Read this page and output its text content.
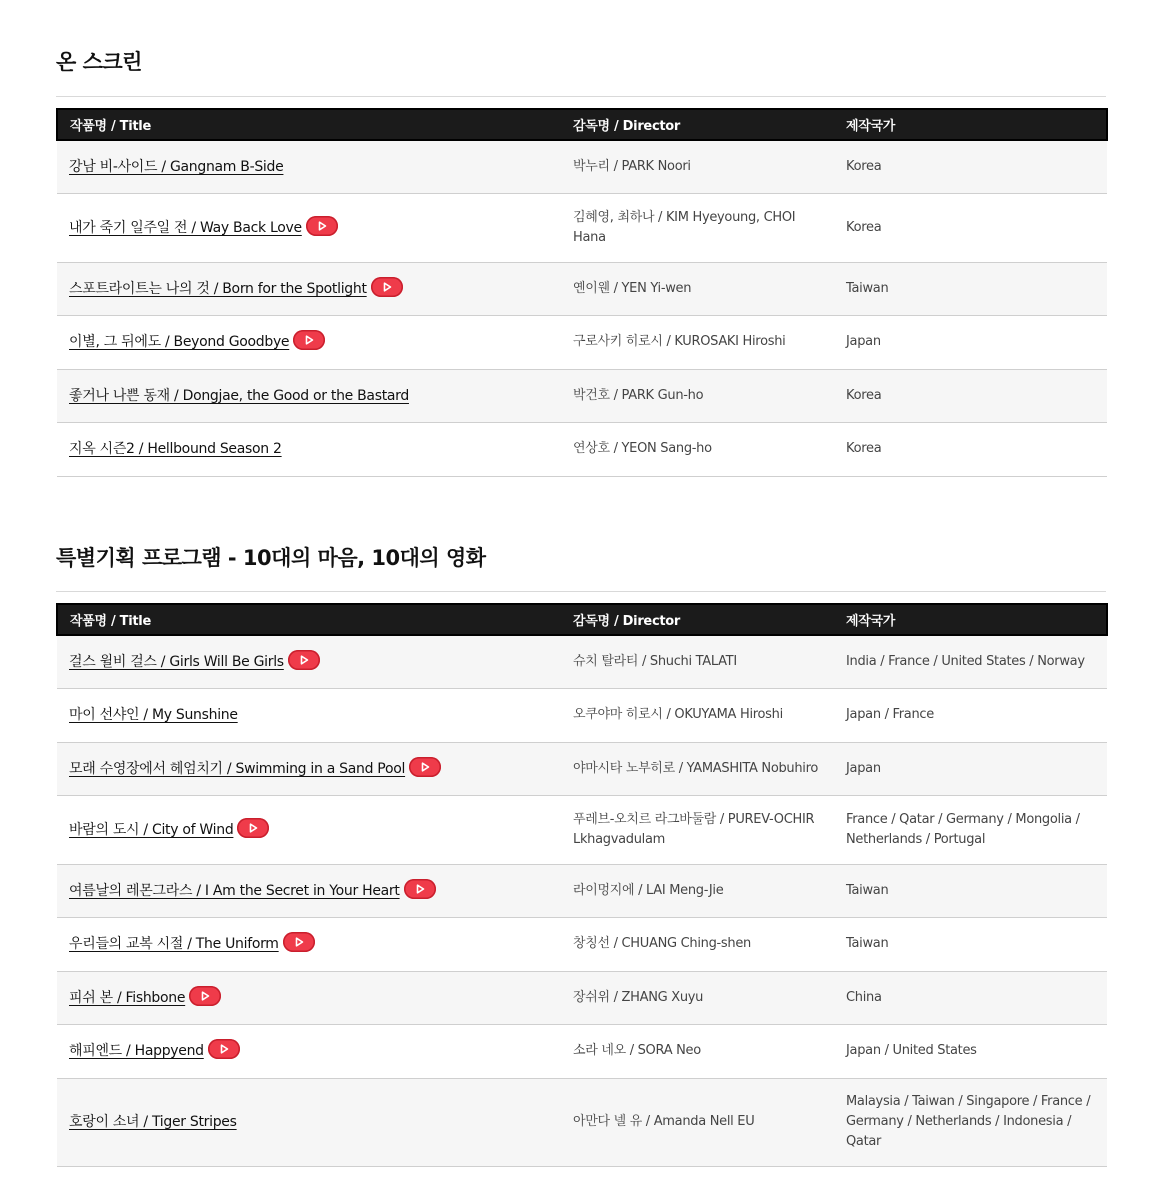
온 스크린
작품명 / Title	감독명 / Director	제작국가
강남 비-사이드 / Gangnam B-Side	박누리 / PARK Noori	Korea
내가 죽기 일주일 전 / Way Back Love	김혜영, 최하나 / KIM Hyeyoung, CHOI Hana	Korea
스포트라이트는 나의 것 / Born for the Spotlight	옌이웬 / YEN Yi-wen	Taiwan
이별, 그 뒤에도 / Beyond Goodbye	구로사키 히로시 / KUROSAKI Hiroshi	Japan
좋거나 나쁜 동재 / Dongjae, the Good or the Bastard	박건호 / PARK Gun-ho	Korea
지옥 시즌2 / Hellbound Season 2	연상호 / YEON Sang-ho	Korea
특별기획 프로그램 - 10대의 마음, 10대의 영화
작품명 / Title	감독명 / Director	제작국가
걸스 윌비 걸스 / Girls Will Be Girls	슈치 탈라티 / Shuchi TALATI	India / France / United States / Norway
마이 선샤인 / My Sunshine	오쿠야마 히로시 / OKUYAMA Hiroshi	Japan / France
모래 수영장에서 헤엄치기 / Swimming in a Sand Pool	야마시타 노부히로 / YAMASHITA Nobuhiro	Japan
바람의 도시 / City of Wind	푸레브-오치르 라그바둘람 / PUREV-OCHIR Lkhagvadulam	France / Qatar / Germany / Mongolia / Netherlands / Portugal
여름날의 레몬그라스 / I Am the Secret in Your Heart	라이멍지에 / LAI Meng-Jie	Taiwan
우리들의 교복 시절 / The Uniform	창칭선 / CHUANG Ching-shen	Taiwan
피쉬 본 / Fishbone	장쉬위 / ZHANG Xuyu	China
해피엔드 / Happyend	소라 네오 / SORA Neo	Japan / United States
호랑이 소녀 / Tiger Stripes	아만다 넬 유 / Amanda Nell EU	Malaysia / Taiwan / Singapore / France / Germany / Netherlands / Indonesia / Qatar
